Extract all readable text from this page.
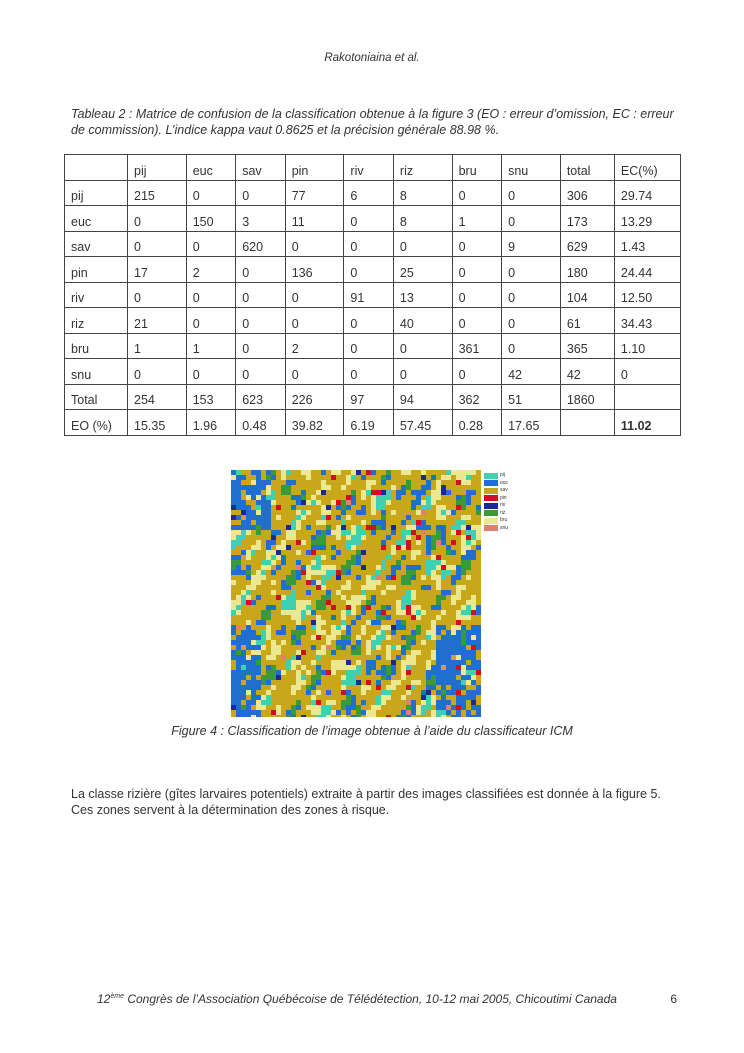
Rakotoniaina et al.
Tableau 2 : Matrice de confusion de la classification obtenue à la figure 3 (EO : erreur d’omission, EC : erreur de commission). L’indice kappa vaut 0.8625 et la précision générale 88.98 %.
	pij	euc	sav	pin	riv	riz	bru	snu	total	EC(%)
pij	215	0	0	77	6	8	0	0	306	29.74
euc	0	150	3	11	0	8	1	0	173	13.29
sav	0	0	620	0	0	0	0	9	629	1.43
pin	17	2	0	136	0	25	0	0	180	24.44
riv	0	0	0	0	91	13	0	0	104	12.50
riz	21	0	0	0	0	40	0	0	61	34.43
bru	1	1	0	2	0	0	361	0	365	1.10
snu	0	0	0	0	0	0	0	42	42	0
Total	254	153	623	226	97	94	362	51	1860	
EO (%)	15.35	1.96	0.48	39.82	6.19	57.45	0.28	17.65		11.02
pij
euc
sav
pin
riv
riz
bru
snu
Figure 4 : Classification de l’image obtenue à l’aide du classificateur ICM
La classe rizière (gîtes larvaires potentiels) extraite à partir des images classifiées est donnée à la figure 5. Ces zones servent à la détermination des zones à risque.
12ème Congrès de l’Association Québécoise de Télédétection, 10-12 mai 2005, Chicoutimi Canada	6
